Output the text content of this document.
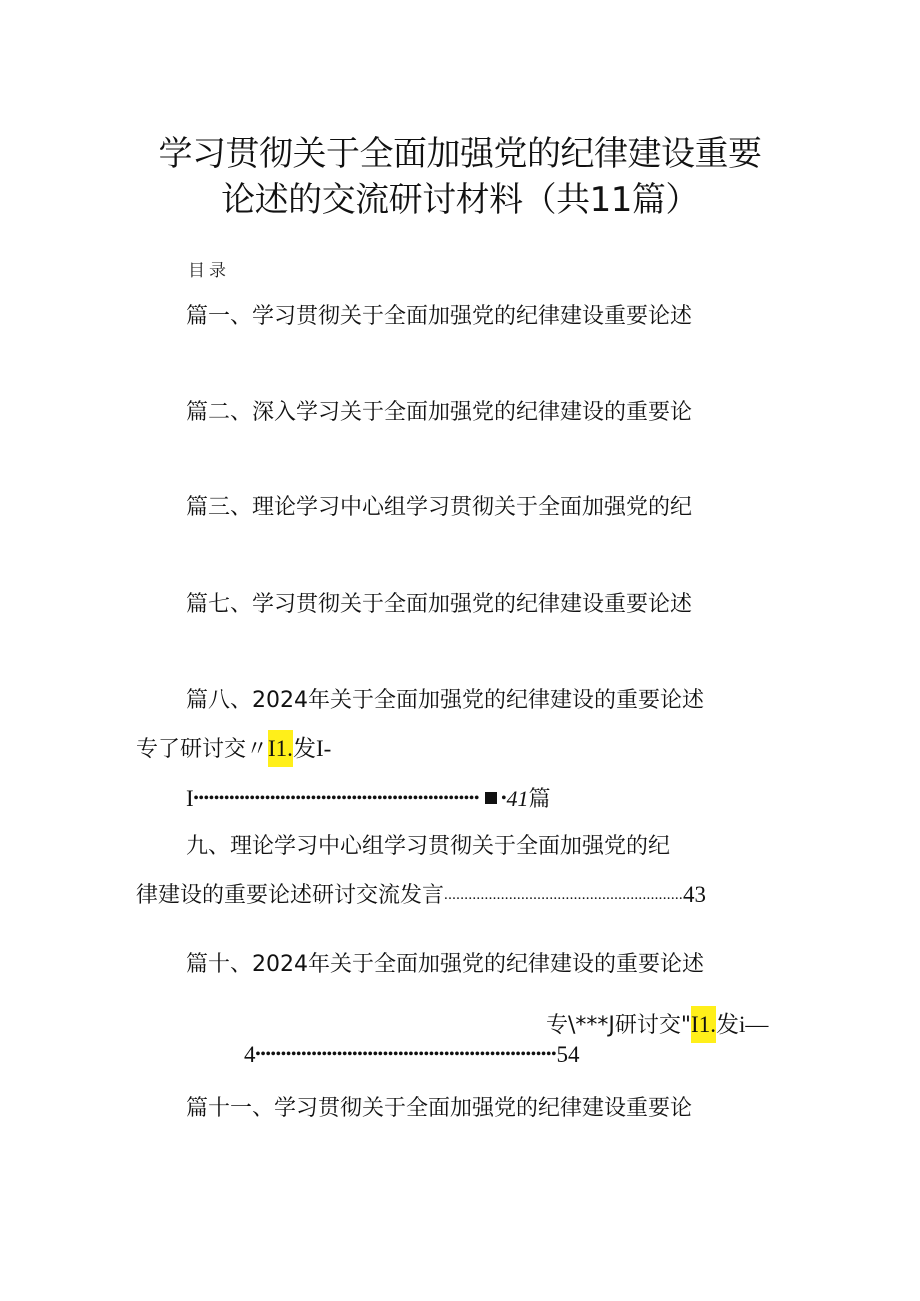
学习贯彻关于全面加强党的纪律建设重要
论述的交流研讨材料（共11篇）
目录
篇一、学习贯彻关于全面加强党的纪律建设重要论述
篇二、深入学习关于全面加强党的纪律建设的重要论
篇三、理论学习中心组学习贯彻关于全面加强党的纪
篇七、学习贯彻关于全面加强党的纪律建设重要论述
篇八、2024年关于全面加强党的纪律建设的重要论述
专了研讨交〃I1.发I-
I•••••••••••••••••••••••••••••••••••••••••••••••••••••••• •41篇
九、理论学习中心组学习贯彻关于全面加强党的纪
律建设的重要论述研讨交流发言...........................................................43
篇十、2024年关于全面加强党的纪律建设的重要论述
专\***J研讨交"I1.发i—
4•••••••••••••••••••••••••••••••••••••••••••••••••••••••••••54
篇十一、学习贯彻关于全面加强党的纪律建设重要论
